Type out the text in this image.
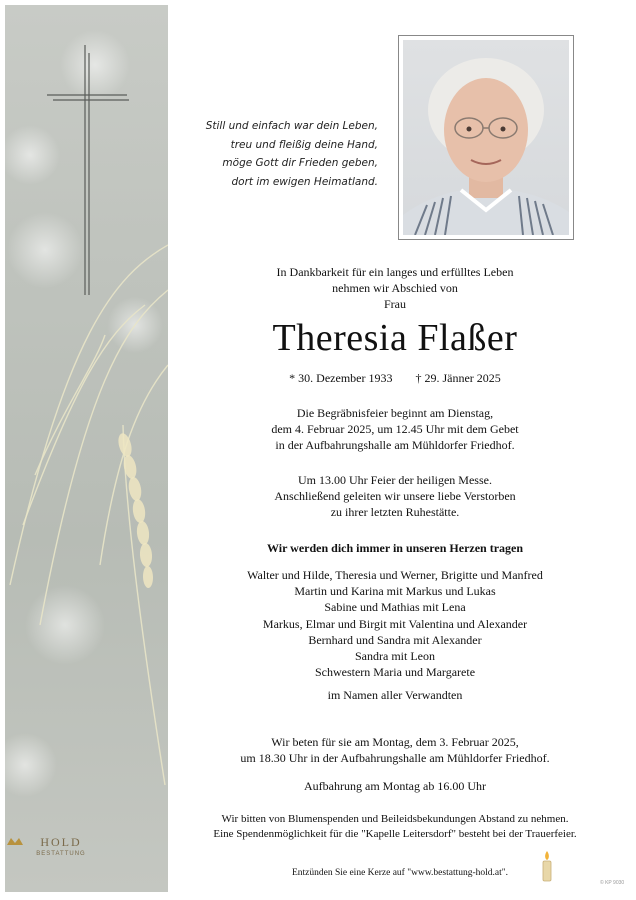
HOLD
BESTATTUNG
Still und einfach war dein Leben,
treu und fleißig deine Hand,
möge Gott dir Frieden geben,
dort im ewigen Heimatland.
In Dankbarkeit für ein langes und erfülltes Leben
nehmen wir Abschied von
Frau
Theresia Flaßer
* 30. Dezember 1933 † 29. Jänner 2025
Die Begräbnisfeier beginnt am Dienstag,
dem 4. Februar 2025, um 12.45 Uhr mit dem Gebet
in der Aufbahrungshalle am Mühldorfer Friedhof.
Um 13.00 Uhr Feier der heiligen Messe.
Anschließend geleiten wir unsere liebe Verstorben
zu ihrer letzten Ruhestätte.
Wir werden dich immer in unseren Herzen tragen
Walter und Hilde, Theresia und Werner, Brigitte und Manfred
Martin und Karina mit Markus und Lukas
Sabine und Mathias mit Lena
Markus, Elmar und Birgit mit Valentina und Alexander
Bernhard und Sandra mit Alexander
Sandra mit Leon
Schwestern Maria und Margarete
im Namen aller Verwandten
Wir beten für sie am Montag, dem 3. Februar 2025,
um 18.30 Uhr in der Aufbahrungshalle am Mühldorfer Friedhof.
Aufbahrung am Montag ab 16.00 Uhr
Wir bitten von Blumenspenden und Beileidsbekundungen Abstand zu nehmen.
Eine Spendenmöglichkeit für die "Kapelle Leitersdorf" besteht bei der Trauerfeier.
Entzünden Sie eine Kerze auf "www.bestattung-hold.at".
© KP 9030
